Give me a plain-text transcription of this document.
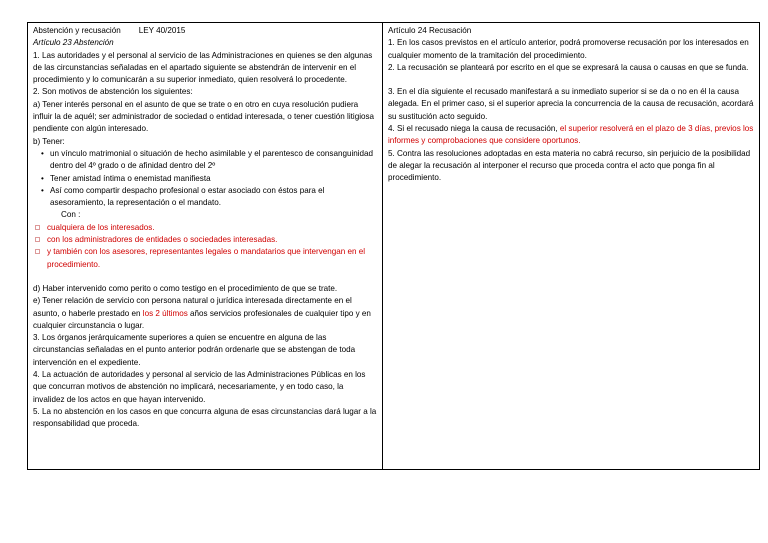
Abstención y recusación LEY 40/2015

Artículo 23 Abstención

1. Las autoridades y el personal al servicio de las Administraciones en quienes se den algunas de las circunstancias señaladas en el apartado siguiente se abstendrán de intervenir en el procedimiento y lo comunicarán a su superior inmediato, quien resolverá lo procedente.

2. Son motivos de abstención los siguientes:

a) Tener interés personal en el asunto de que se trate o en otro en cuya resolución pudiera influir la de aquél; ser administrador de sociedad o entidad interesada, o tener cuestión litigiosa pendiente con algún interesado.

b) Tener:

• un vínculo matrimonial o situación de hecho asimilable y el parentesco de consanguinidad dentro del 4º grado o de afinidad dentro del 2º

• Tener amistad íntima o enemistad manifiesta

• Así como compartir despacho profesional o estar asociado con éstos para el asesoramiento, la representación o el mandato.

Con :

cualquiera de los interesados.
con los administradores de entidades o sociedades interesadas.
y también con los asesores, representantes legales o mandatarios que intervengan en el procedimiento.

d) Haber intervenido como perito o como testigo en el procedimiento de que se trate.

e) Tener relación de servicio con persona natural o jurídica interesada directamente en el asunto, o haberle prestado en los 2 últimos años servicios profesionales de cualquier tipo y en cualquier circunstancia o lugar.

3. Los órganos jerárquicamente superiores a quien se encuentre en alguna de las circunstancias señaladas en el punto anterior podrán ordenarle que se abstengan de toda intervención en el expediente.

4. La actuación de autoridades y personal al servicio de las Administraciones Públicas en los que concurran motivos de abstención no implicará, necesariamente, y en todo caso, la invalidez de los actos en que hayan intervenido.

5. La no abstención en los casos en que concurra alguna de esas circunstancias dará lugar a la responsabilidad que proceda.

Artículo 24 Recusación

1. En los casos previstos en el artículo anterior, podrá promoverse recusación por los interesados en cualquier momento de la tramitación del procedimiento.

2. La recusación se planteará por escrito en el que se expresará la causa o causas en que se funda.

3. En el día siguiente el recusado manifestará a su inmediato superior si se da o no en él la causa alegada. En el primer caso, si el superior aprecia la concurrencia de la causa de recusación, acordará su sustitución acto seguido.

4. Si el recusado niega la causa de recusación, el superior resolverá en el plazo de 3 días, previos los informes y comprobaciones que considere oportunos.

5. Contra las resoluciones adoptadas en esta materia no cabrá recurso, sin perjuicio de la posibilidad de alegar la recusación al interponer el recurso que proceda contra el acto que ponga fin al procedimiento.
